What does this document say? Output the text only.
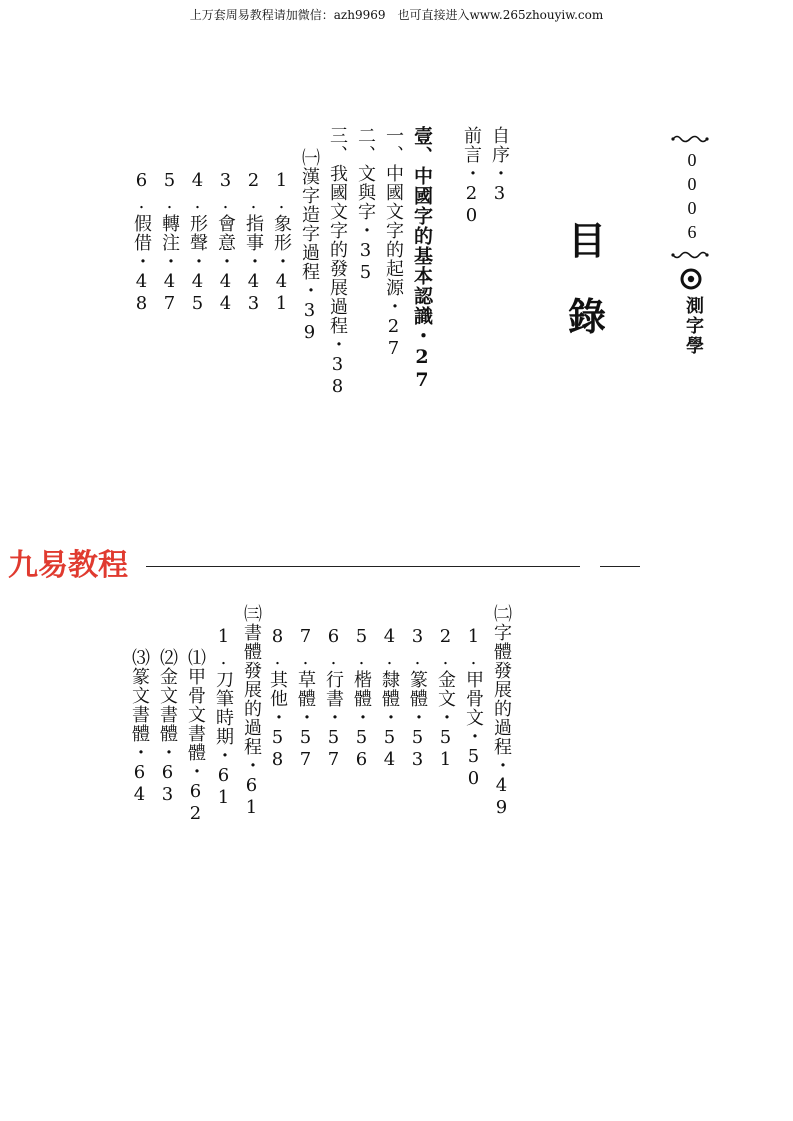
上万套周易教程请加微信：azh9969　也可直接进入www.265zhouyiw.com
0006
測字學
目
錄
自序・3
前言・20
壹、中國字的基本認識・27
一、中國文字的起源・27
二、文與字・35
三、我國文字的發展過程・38
㈠漢字造字過程・39
1.象形・41
2.指事・43
3.會意・44
4.形聲・45
5.轉注・47
6.假借・48
九易教程
㈡字體發展的過程・49
1.甲骨文・50
2.金文・51
3.篆體・53
4.隸體・54
5.楷體・56
6.行書・57
7.草體・57
8.其他・58
㈢書體發展的過程・61
1.刀筆時期・61
⑴甲骨文書體・62
⑵金文書體・63
⑶篆文書體・64
